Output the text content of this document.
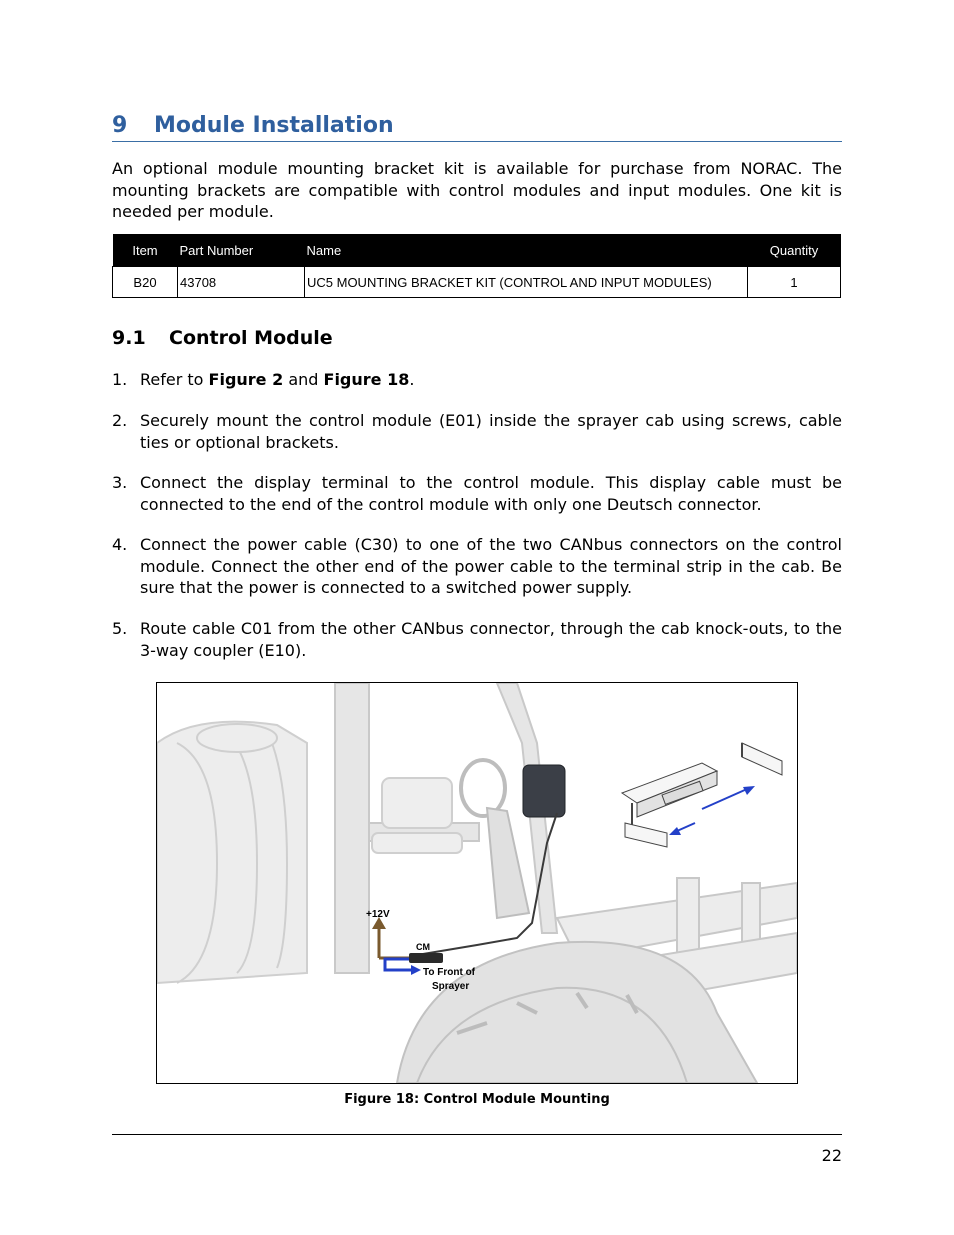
9 Module Installation
An optional module mounting bracket kit is available for purchase from NORAC. The mounting brackets are compatible with control modules and input modules. One kit is needed per module.
Item	Part Number	Name	Quantity
B20	43708	UC5 MOUNTING BRACKET KIT (CONTROL AND INPUT MODULES)	1
9.1 Control Module
1. Refer to Figure 2 and Figure 18.
2. Securely mount the control module (E01) inside the sprayer cab using screws, cable ties or optional brackets.
3. Connect the display terminal to the control module. This display cable must be connected to the end of the control module with only one Deutsch connector.
4. Connect the power cable (C30) to one of the two CANbus connectors on the control module. Connect the other end of the power cable to the terminal strip in the cab. Be sure that the power is connected to a switched power supply.
5. Route cable C01 from the other CANbus connector, through the cab knock-outs, to the 3-way coupler (E10).
+12V
CM
To Front of
Sprayer
Figure 18: Control Module Mounting
22
